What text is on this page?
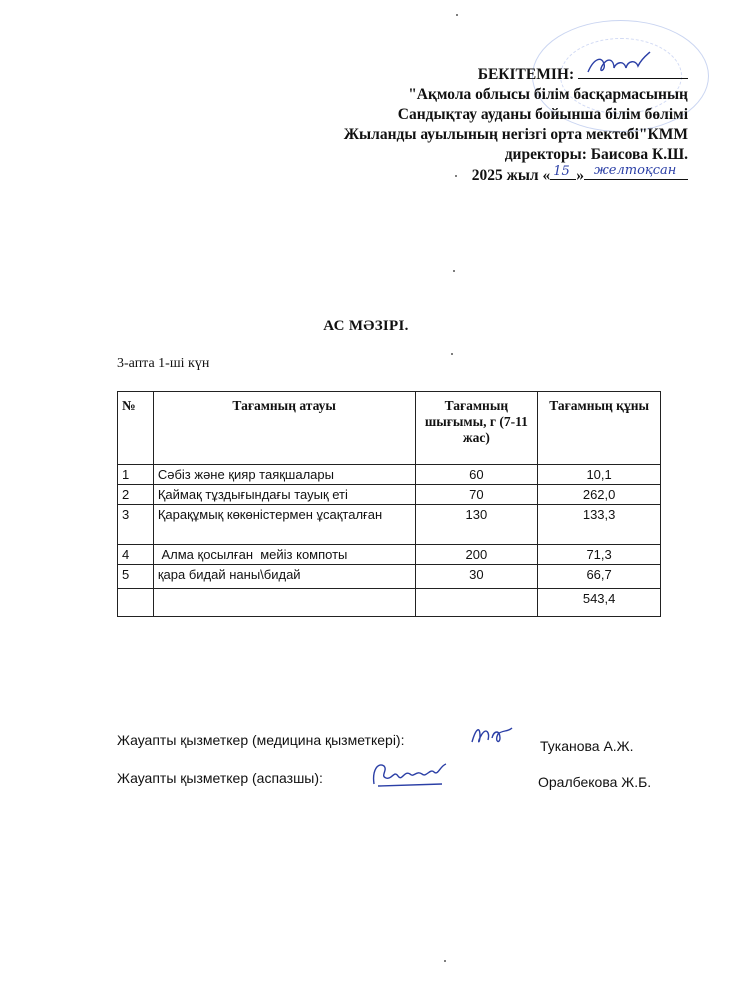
БЕКІТЕМІН:
"Ақмола облысы білім басқармасының
Сандықтау ауданы бойынша білім бөлімі
Жыланды ауылының негізгі орта мектебі"КММ
директоры: Баисова К.Ш.
2025 жыл « 15 » желтоқсан
АС МӘЗІРІ.
3-апта 1-ші күн
№	Тағамның атауы	Тағамның шығымы, г (7-11 жас)	Тағамның құны
1	Сәбіз және қияр таяқшалары	60	10,1
2	Қаймақ тұздығындағы тауық еті	70	262,0
3	Қарақұмық көкөністермен ұсақталған	130	133,3
4	Алма қосылған  мейіз компоты	200	71,3
5	қара бидай наны\бидай	30	66,7
			543,4
Жауапты қызметкер (медицина қызметкері):	Туканова А.Ж.
Жауапты қызметкер (аспазшы):	Оралбекова Ж.Б.
